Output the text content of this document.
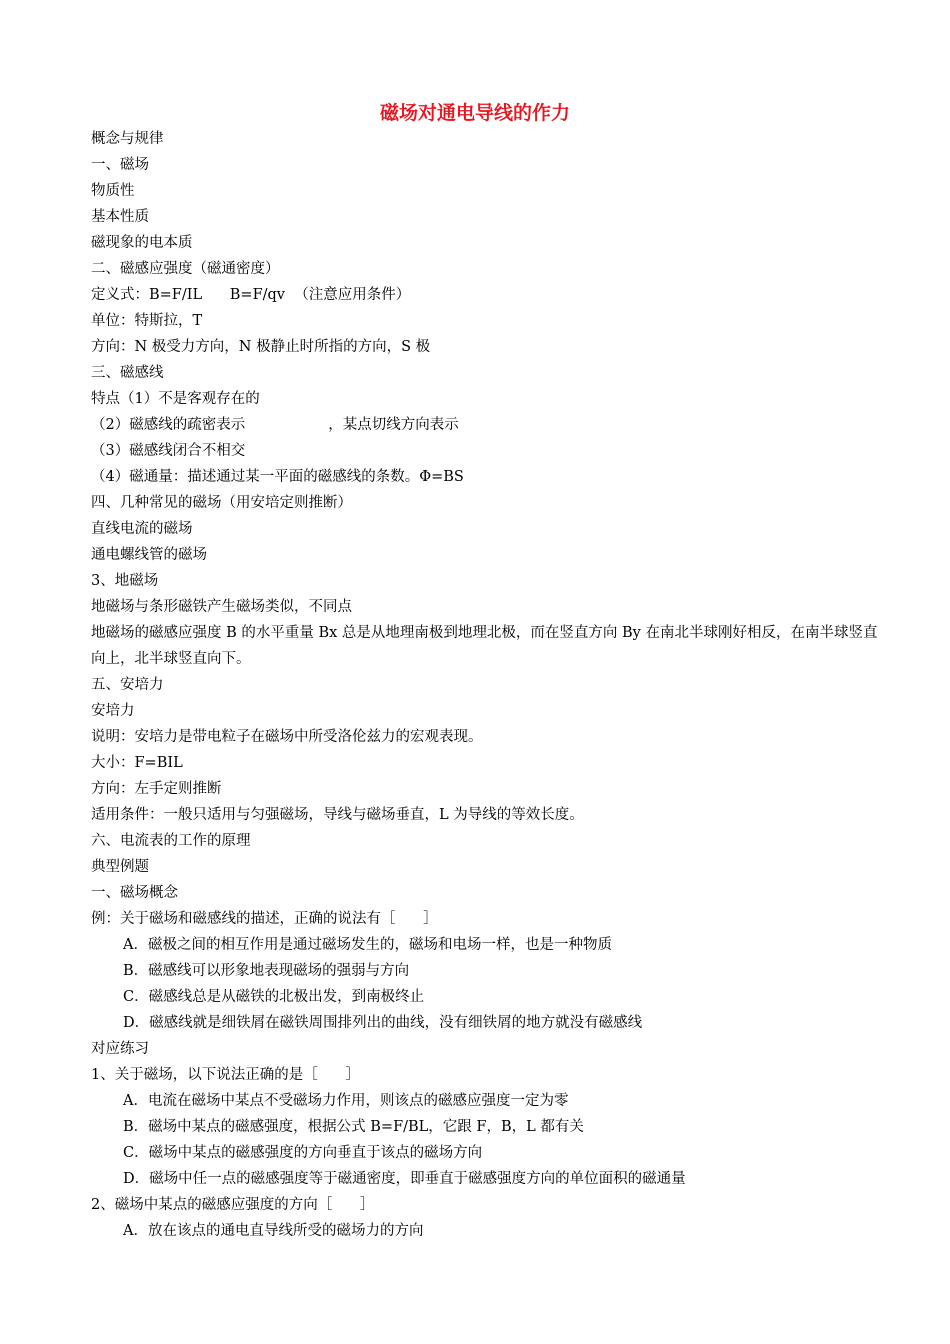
磁场对通电导线的作力
概念与规律
一、磁场
物质性
基本性质
磁现象的电本质
二、磁感应强度（磁通密度）
定义式：B=F/IL      B=F/qv  （注意应用条件）
单位：特斯拉，T
方向：N 极受力方向，N 极静止时所指的方向，S 极
三、磁感线
特点（1）不是客观存在的
（2）磁感线的疏密表示                  ，某点切线方向表示
（3）磁感线闭合不相交
（4）磁通量：描述通过某一平面的磁感线的条数。Φ=BS
四、几种常见的磁场（用安培定则推断）
直线电流的磁场
通电螺线管的磁场
3、地磁场
地磁场与条形磁铁产生磁场类似，不同点
地磁场的磁感应强度 B 的水平重量 Bx 总是从地理南极到地理北极，而在竖直方向 By 在南北半球刚好相反，在南半球竖直向上，北半球竖直向下。
五、安培力
安培力
说明：安培力是带电粒子在磁场中所受洛伦兹力的宏观表现。
大小：F=BIL
方向：左手定则推断
适用条件：一般只适用与匀强磁场，导线与磁场垂直，L 为导线的等效长度。
六、电流表的工作的原理
典型例题
一、磁场概念
例：关于磁场和磁感线的描述，正确的说法有［      ］
A．磁极之间的相互作用是通过磁场发生的，磁场和电场一样，也是一种物质
B．磁感线可以形象地表现磁场的强弱与方向
C．磁感线总是从磁铁的北极出发，到南极终止
D．磁感线就是细铁屑在磁铁周围排列出的曲线，没有细铁屑的地方就没有磁感线
对应练习
1、关于磁场，以下说法正确的是［      ］
A．电流在磁场中某点不受磁场力作用，则该点的磁感应强度一定为零
B．磁场中某点的磁感强度，根据公式 B=F/BL，它跟 F，B，L 都有关
C．磁场中某点的磁感强度的方向垂直于该点的磁场方向
D．磁场中任一点的磁感强度等于磁通密度，即垂直于磁感强度方向的单位面积的磁通量
2、磁场中某点的磁感应强度的方向［      ］
A．放在该点的通电直导线所受的磁场力的方向
